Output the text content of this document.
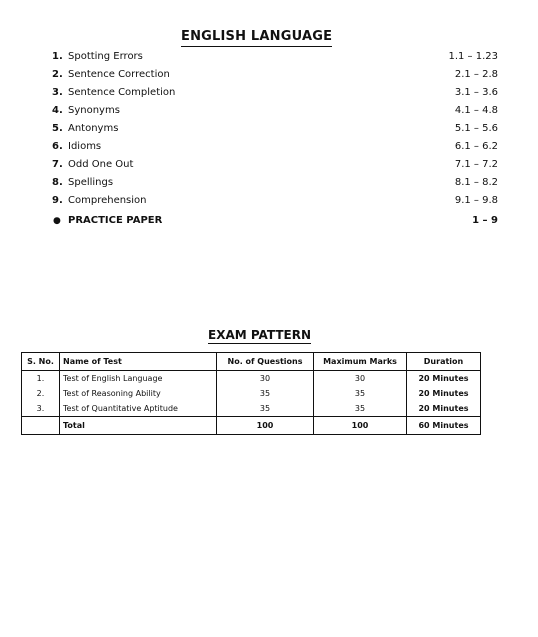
ENGLISH LANGUAGE
1. Spotting Errors	1.1 – 1.23
2. Sentence Correction	2.1 – 2.8
3. Sentence Completion	3.1 – 3.6
4. Synonyms	4.1 – 4.8
5. Antonyms	5.1 – 5.6
6. Idioms	6.1 – 6.2
7. Odd One Out	7.1 – 7.2
8. Spellings	8.1 – 8.2
9. Comprehension	9.1 – 9.8
● PRACTICE PAPER	1 – 9
EXAM PATTERN
S. No.	Name of Test	No. of Questions	Maximum Marks	Duration
1.	Test of English Language	30	30	20 Minutes
2.	Test of Reasoning Ability	35	35	20 Minutes
3.	Test of Quantitative Aptitude	35	35	20 Minutes
	Total	100	100	60 Minutes
